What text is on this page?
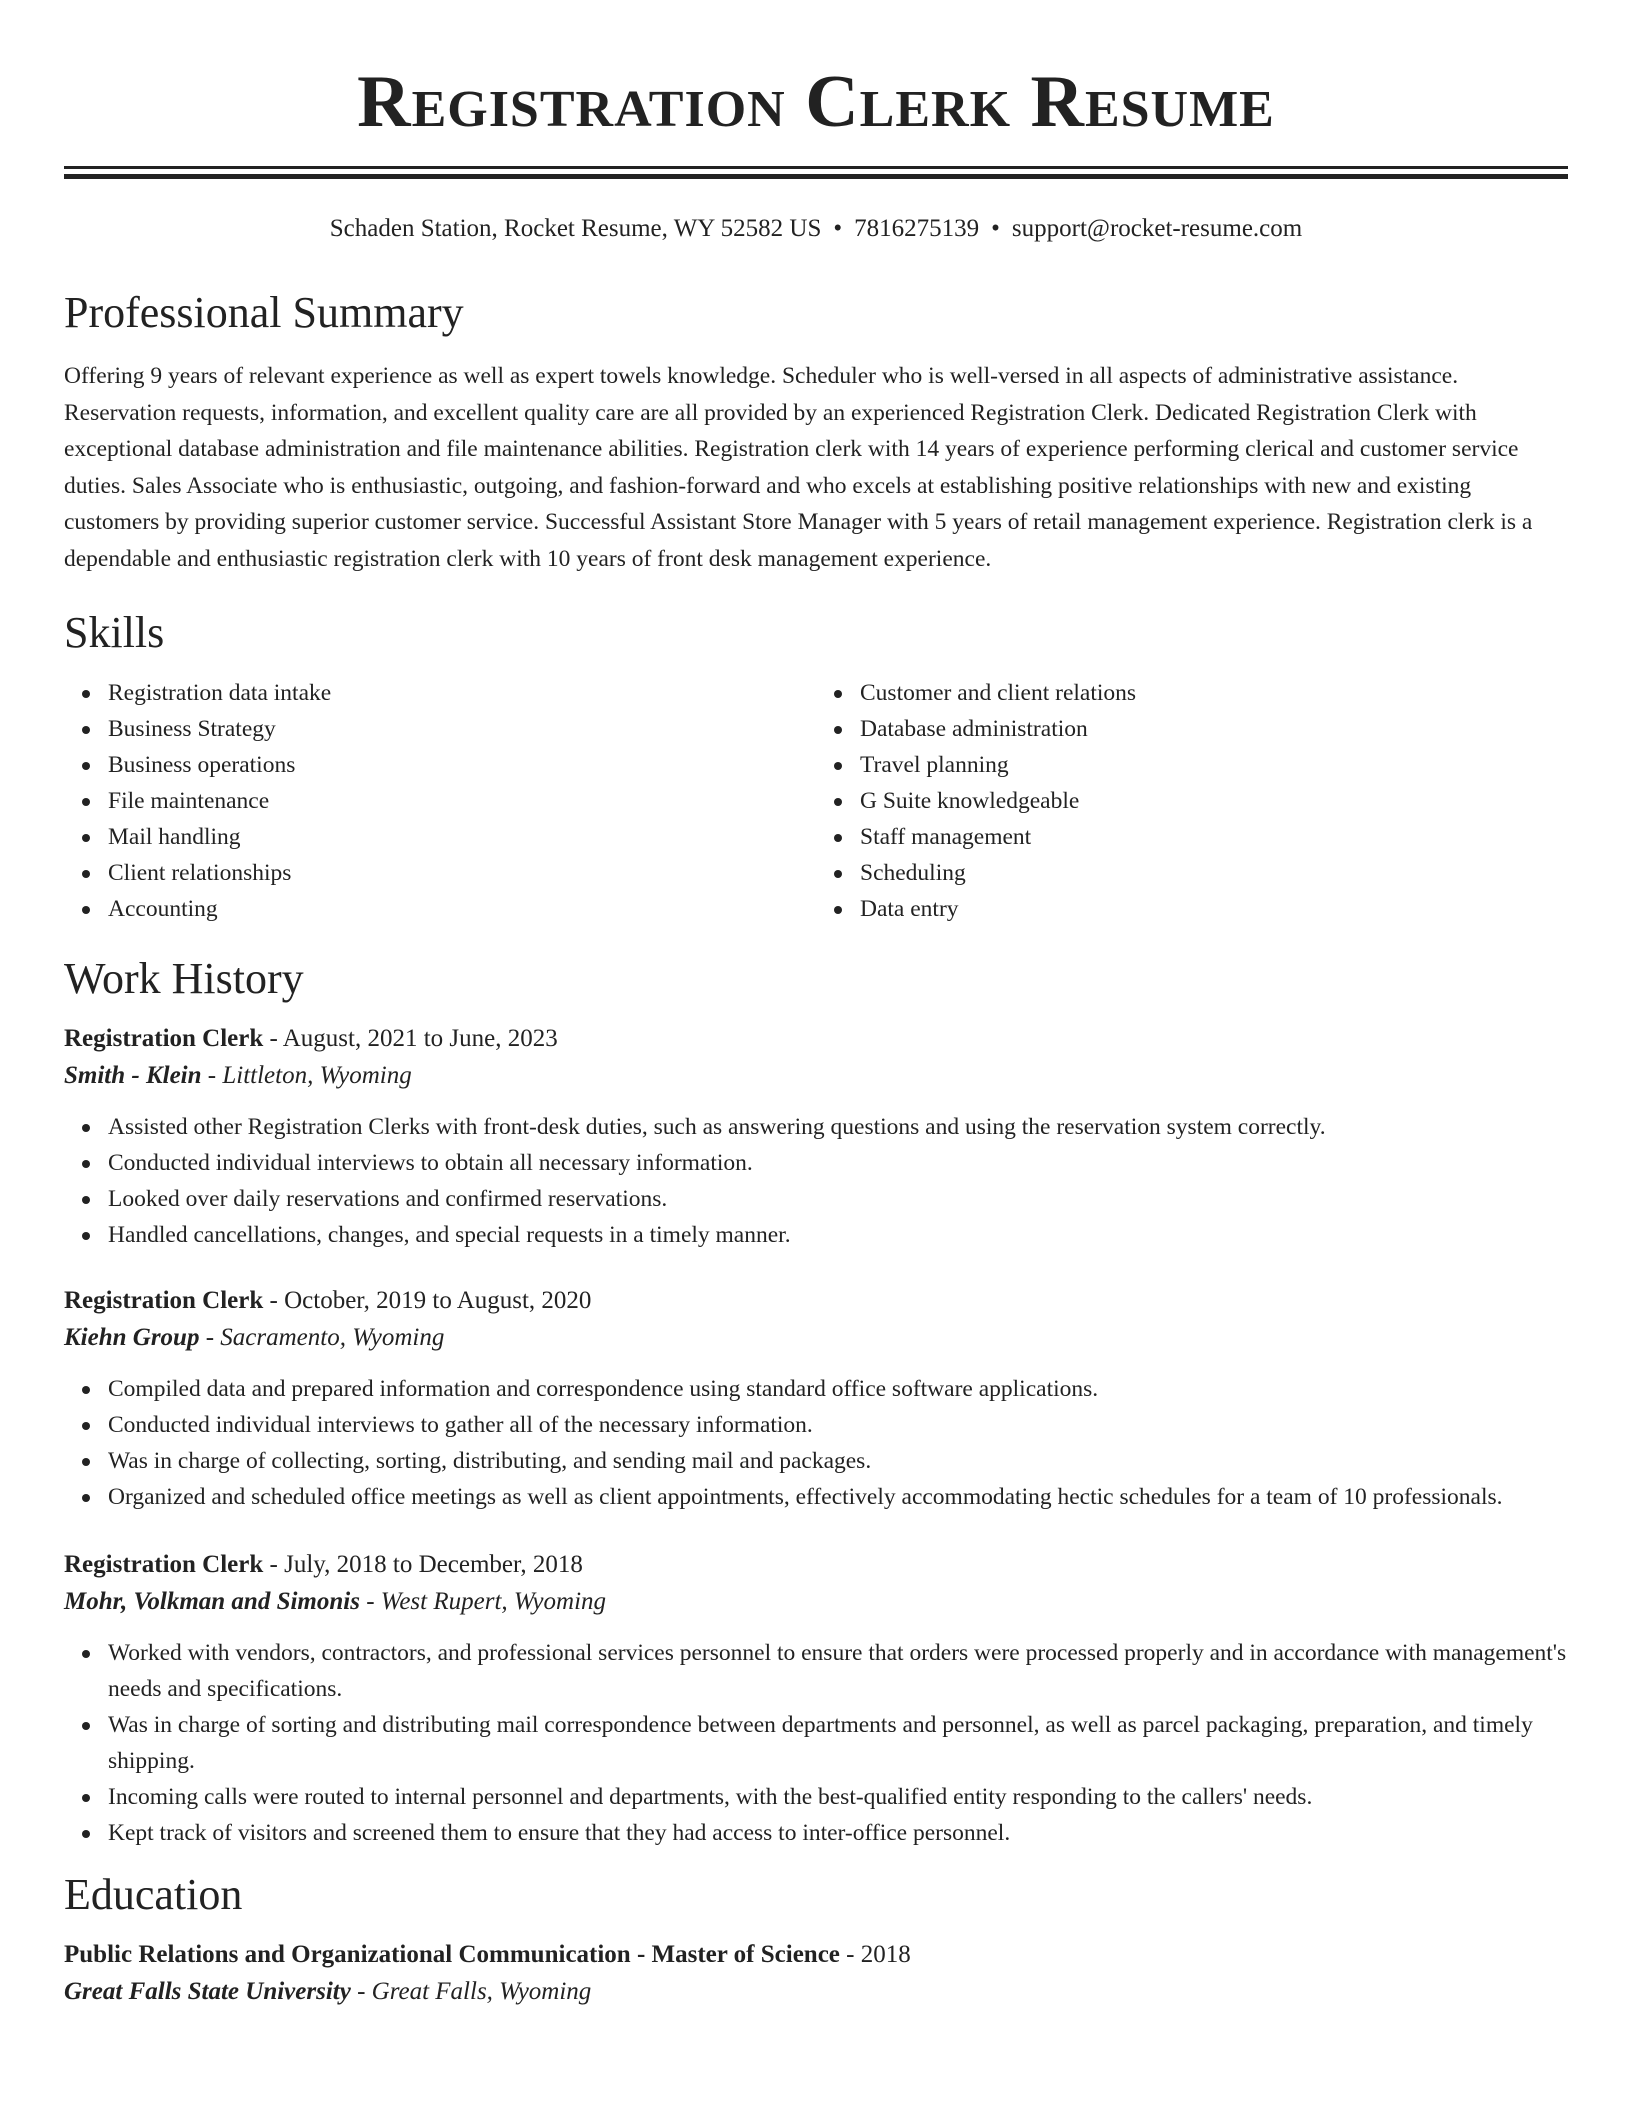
Registration Clerk Resume
Schaden Station, Rocket Resume, WY 52582 US • 7816275139 • support@rocket-resume.com
Professional Summary

Offering 9 years of relevant experience as well as expert towels knowledge. Scheduler who is well-versed in all aspects of administrative assistance. Reservation requests, information, and excellent quality care are all provided by an experienced Registration Clerk. Dedicated Registration Clerk with exceptional database administration and file maintenance abilities. Registration clerk with 14 years of experience performing clerical and customer service duties. Sales Associate who is enthusiastic, outgoing, and fashion-forward and who excels at establishing positive relationships with new and existing customers by providing superior customer service. Successful Assistant Store Manager with 5 years of retail management experience. Registration clerk is a dependable and enthusiastic registration clerk with 10 years of front desk management experience.

Skills
Registration data intake
Business Strategy
Business operations
File maintenance
Mail handling
Client relationships
Accounting
Customer and client relations
Database administration
Travel planning
G Suite knowledgeable
Staff management
Scheduling
Data entry
Work History
Registration Clerk - August, 2021 to June, 2023
Smith - Klein - Littleton, Wyoming
Assisted other Registration Clerks with front-desk duties, such as answering questions and using the reservation system correctly.
Conducted individual interviews to obtain all necessary information.
Looked over daily reservations and confirmed reservations.
Handled cancellations, changes, and special requests in a timely manner.
Registration Clerk - October, 2019 to August, 2020
Kiehn Group - Sacramento, Wyoming
Compiled data and prepared information and correspondence using standard office software applications.
Conducted individual interviews to gather all of the necessary information.
Was in charge of collecting, sorting, distributing, and sending mail and packages.
Organized and scheduled office meetings as well as client appointments, effectively accommodating hectic schedules for a team of 10 professionals.
Registration Clerk - July, 2018 to December, 2018
Mohr, Volkman and Simonis - West Rupert, Wyoming
Worked with vendors, contractors, and professional services personnel to ensure that orders were processed properly and in accordance with management's needs and specifications.
Was in charge of sorting and distributing mail correspondence between departments and personnel, as well as parcel packaging, preparation, and timely shipping.
Incoming calls were routed to internal personnel and departments, with the best-qualified entity responding to the callers' needs.
Kept track of visitors and screened them to ensure that they had access to inter-office personnel.
Education
Public Relations and Organizational Communication - Master of Science - 2018
Great Falls State University - Great Falls, Wyoming
